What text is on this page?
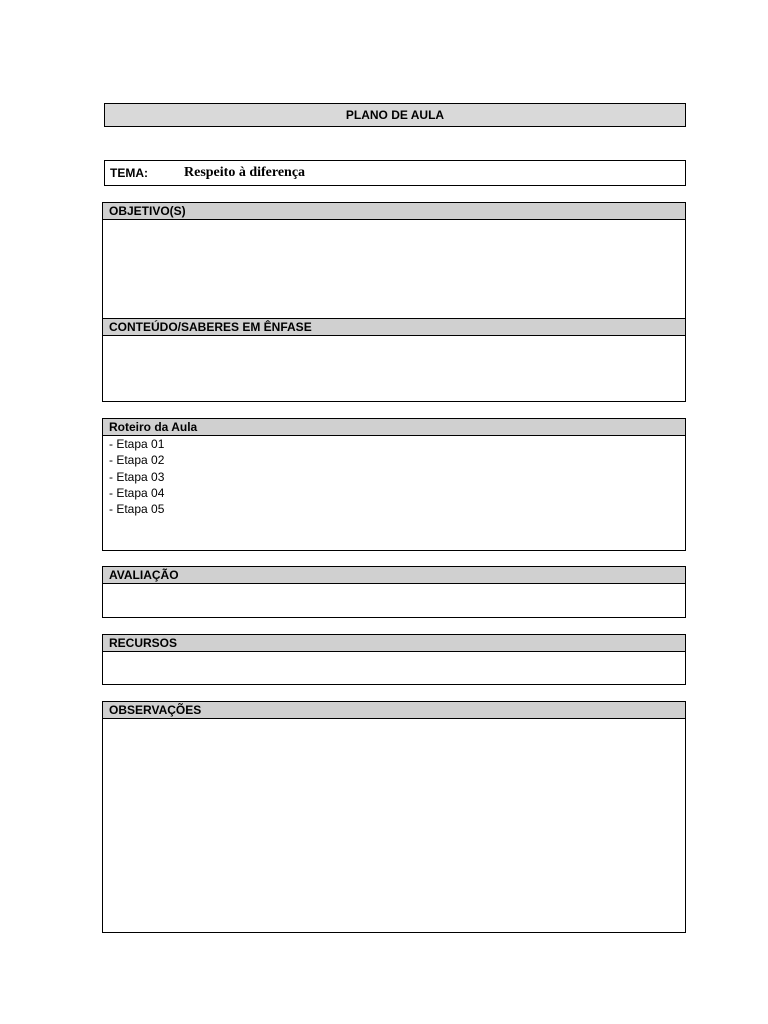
PLANO DE AULA
TEMA:	Respeito à diferença
OBJETIVO(S)
CONTEÚDO/SABERES EM ÊNFASE
Roteiro da Aula
- Etapa 01
- Etapa 02
- Etapa 03
- Etapa 04
- Etapa 05
AVALIAÇÃO
RECURSOS
OBSERVAÇÕES
